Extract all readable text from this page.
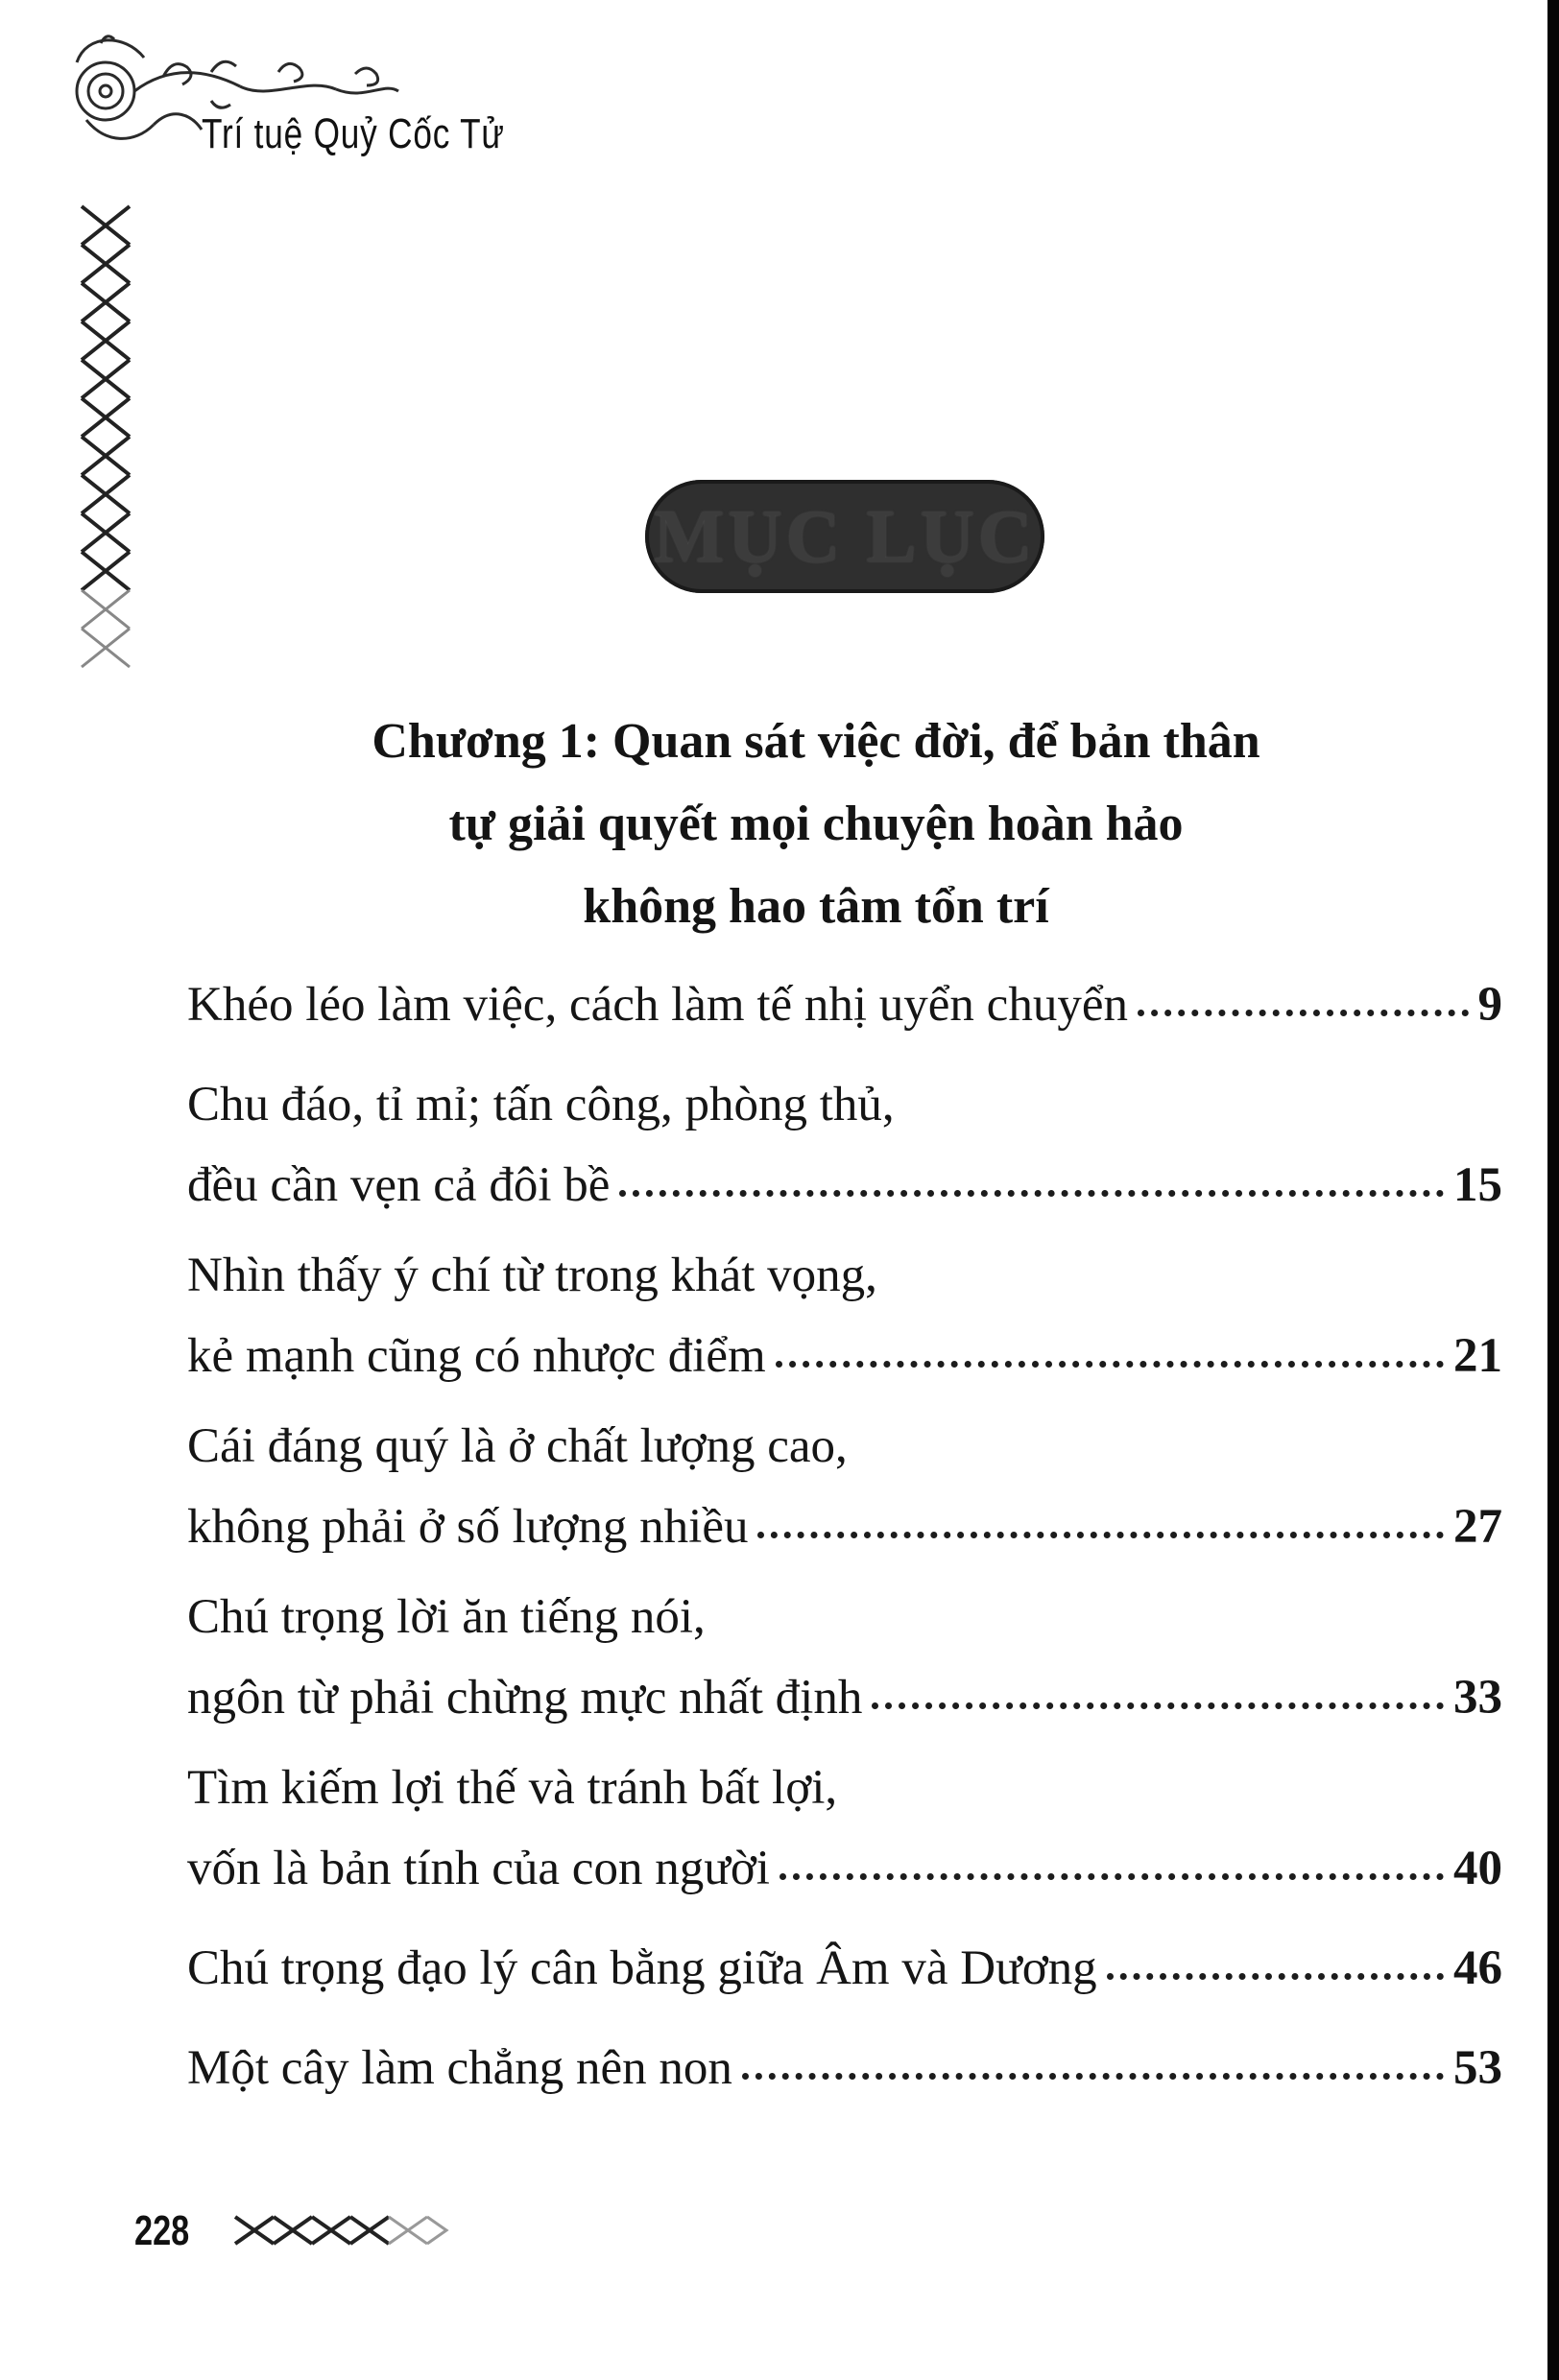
Trí tuệ Quỷ Cốc Tử
MỤC LỤC
Chương 1: Quan sát việc đời, để bản thân
tự giải quyết mọi chuyện hoàn hảo
không hao tâm tổn trí
Khéo léo làm việc, cách làm tế nhị uyển chuyển	9
Chu đáo, tỉ mỉ; tấn công, phòng thủ,
đều cần vẹn cả đôi bề	15
Nhìn thấy ý chí từ trong khát vọng,
kẻ mạnh cũng có nhược điểm	21
Cái đáng quý là ở chất lượng cao,
không phải ở số lượng nhiều	27
Chú trọng lời ăn tiếng nói,
ngôn từ phải chừng mực nhất định	33
Tìm kiếm lợi thế và tránh bất lợi,
vốn là bản tính của con người	40
Chú trọng đạo lý cân bằng giữa Âm và Dương	46
Một cây làm chẳng nên non	53
228
